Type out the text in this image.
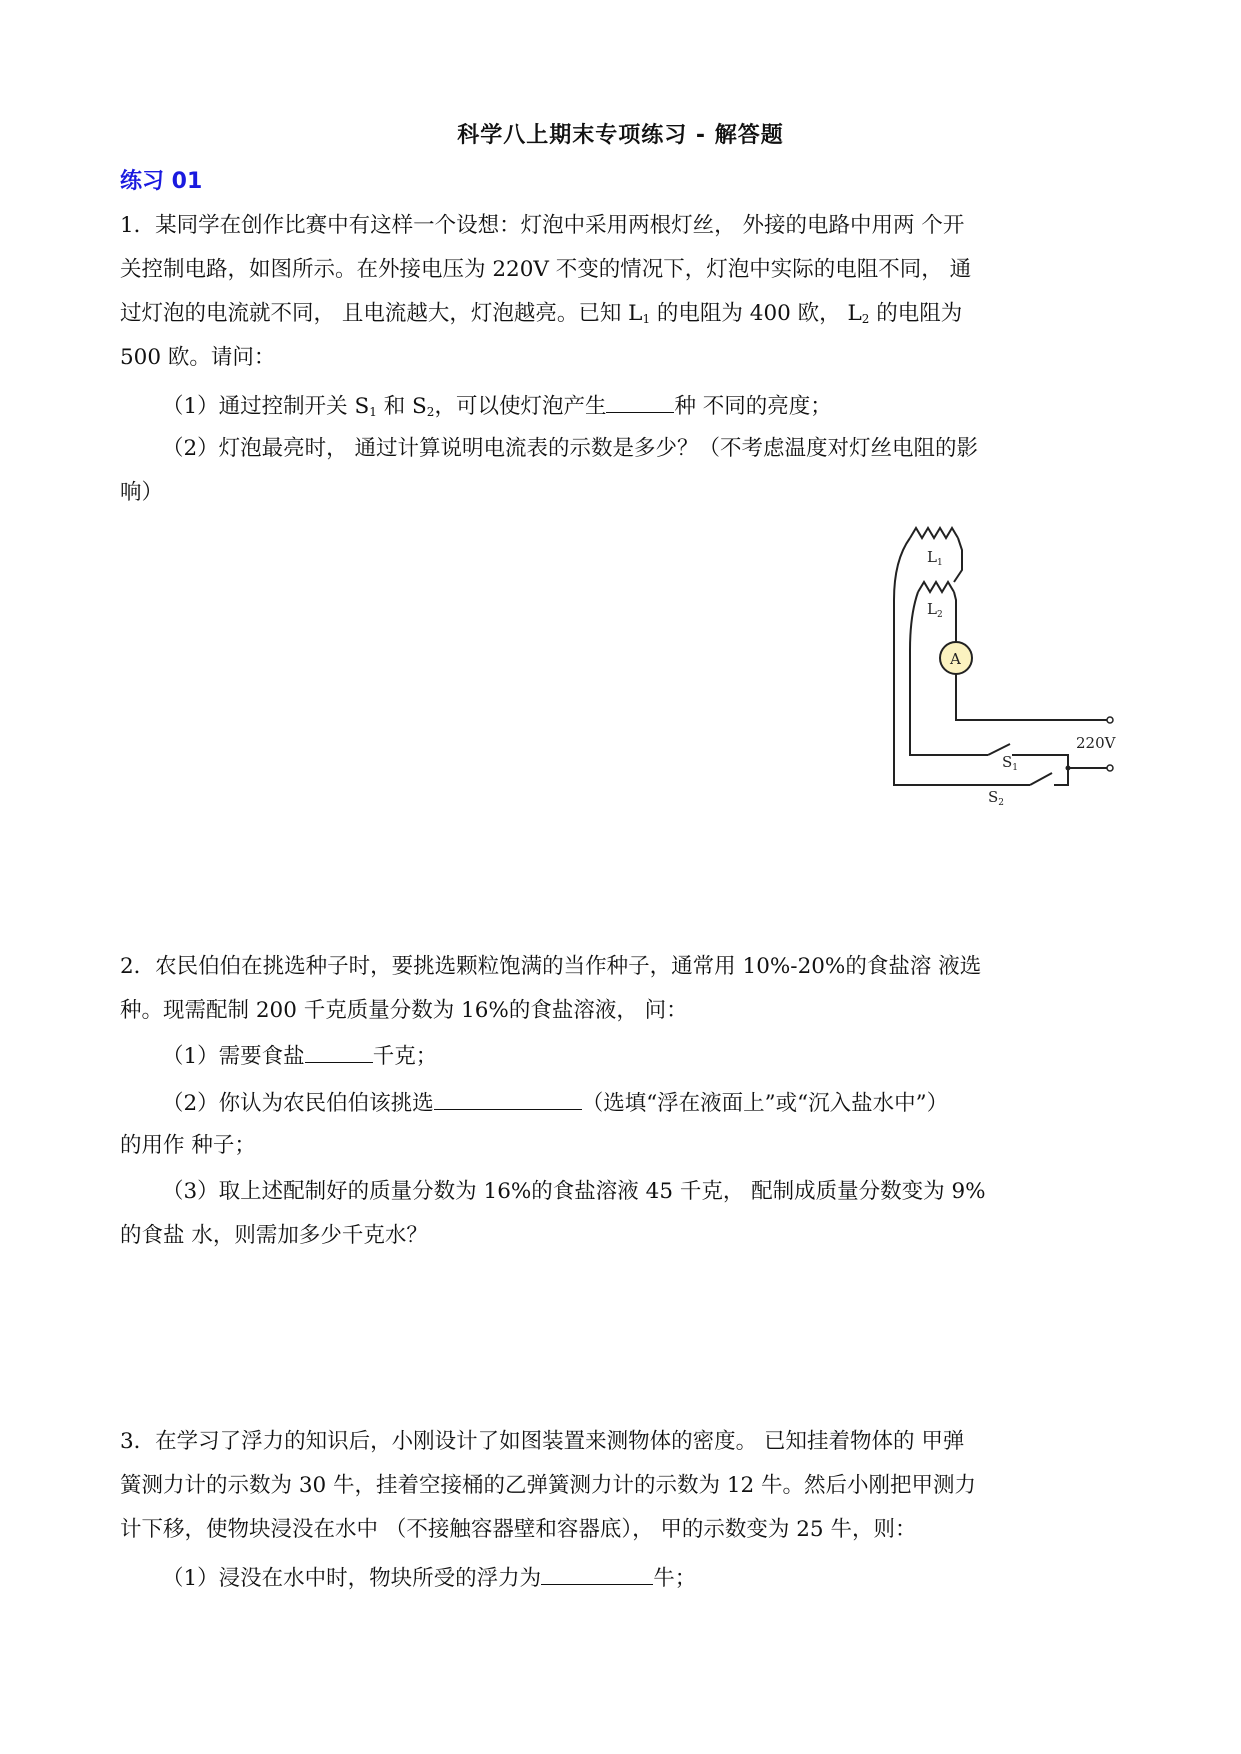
科学八上期末专项练习 - 解答题
练习 01
1．某同学在创作比赛中有这样一个设想：灯泡中采用两根灯丝， 外接的电路中用两 个开
关控制电路，如图所示。在外接电压为 220V 不变的情况下，灯泡中实际的电阻不同， 通
过灯泡的电流就不同， 且电流越大，灯泡越亮。已知 $L_1$ 的电阻为 400 欧， $L_2$ 的电阻为
500 欧。请问：
（1）通过控制开关 $S_1$ 和 $S_2$，可以使灯泡产生	种 不同的亮度；
（2）灯泡最亮时， 通过计算说明电流表的示数是多少？（不考虑温度对灯丝电阻的影
响）
$L_1$
$L_2$
A
$S_1$
$S_2$
220V
2．农民伯伯在挑选种子时，要挑选颗粒饱满的当作种子，通常用 10%-20%的食盐溶 液选
种。现需配制 200 千克质量分数为 16%的食盐溶液， 问：
（1）需要食盐	千克；
（2）你认为农民伯伯该挑选	（选填“浮在液面上”或“沉入盐水中”）
的用作 种子；
（3）取上述配制好的质量分数为 16%的食盐溶液 45 千克， 配制成质量分数变为 9%
的食盐 水，则需加多少千克水？
3．在学习了浮力的知识后，小刚设计了如图装置来测物体的密度。 已知挂着物体的 甲弹
簧测力计的示数为 30 牛，挂着空接桶的乙弹簧测力计的示数为 12 牛。然后小刚把甲测力
计下移，使物块浸没在水中 （不接触容器壁和容器底）， 甲的示数变为 25 牛，则：
（1）浸没在水中时，物块所受的浮力为	牛；
